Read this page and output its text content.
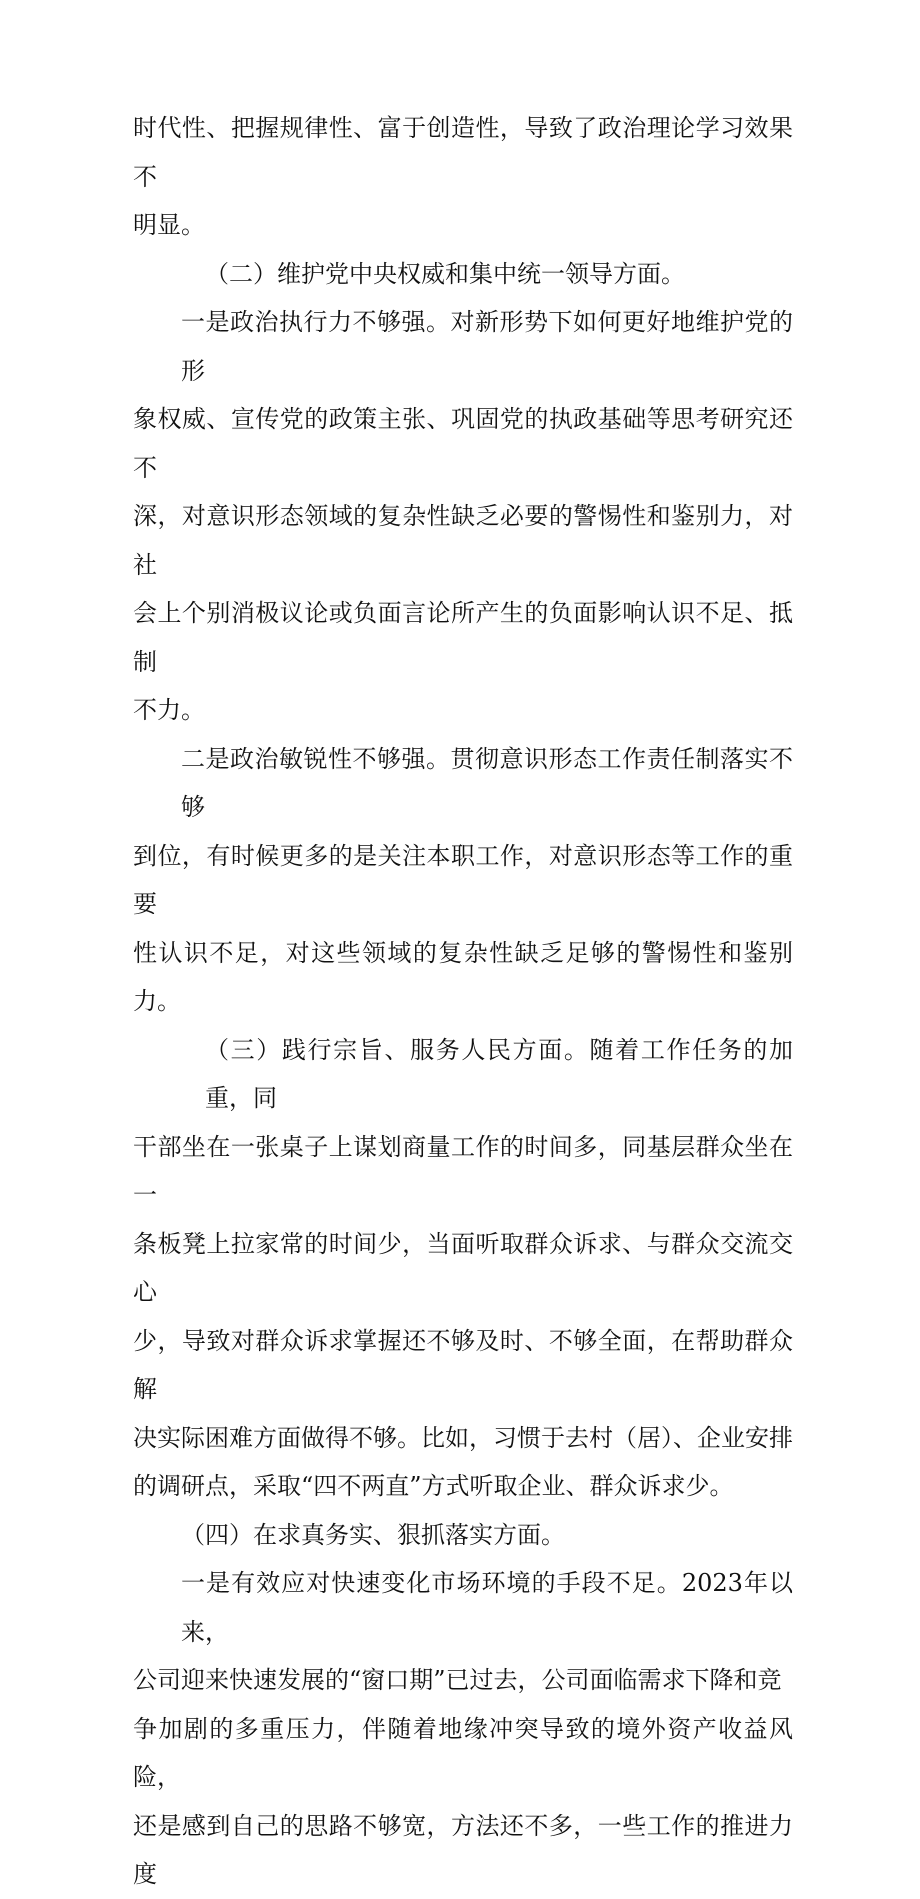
时代性、把握规律性、富于创造性，导致了政治理论学习效果不
明显。

（二）维护党中央权威和集中统一领导方面。

一是政治执行力不够强。对新形势下如何更好地维护党的形
象权威、宣传党的政策主张、巩固党的执政基础等思考研究还不
深，对意识形态领域的复杂性缺乏必要的警惕性和鉴别力，对社
会上个别消极议论或负面言论所产生的负面影响认识不足、抵制
不力。

二是政治敏锐性不够强。贯彻意识形态工作责任制落实不够
到位，有时候更多的是关注本职工作，对意识形态等工作的重要
性认识不足，对这些领域的复杂性缺乏足够的警惕性和鉴别力。

（三）践行宗旨、服务人民方面。随着工作任务的加重，同
干部坐在一张桌子上谋划商量工作的时间多，同基层群众坐在一
条板凳上拉家常的时间少，当面听取群众诉求、与群众交流交心
少，导致对群众诉求掌握还不够及时、不够全面，在帮助群众解
决实际困难方面做得不够。比如，习惯于去村（居）、企业安排
的调研点，采取“四不两直”方式听取企业、群众诉求少。

（四）在求真务实、狠抓落实方面。

一是有效应对快速变化市场环境的手段不足。2023年以来，
公司迎来快速发展的“窗口期”已过去，公司面临需求下降和竞
争加剧的多重压力，伴随着地缘冲突导致的境外资产收益风险，
还是感到自己的思路不够宽，方法还不多，一些工作的推进力度
